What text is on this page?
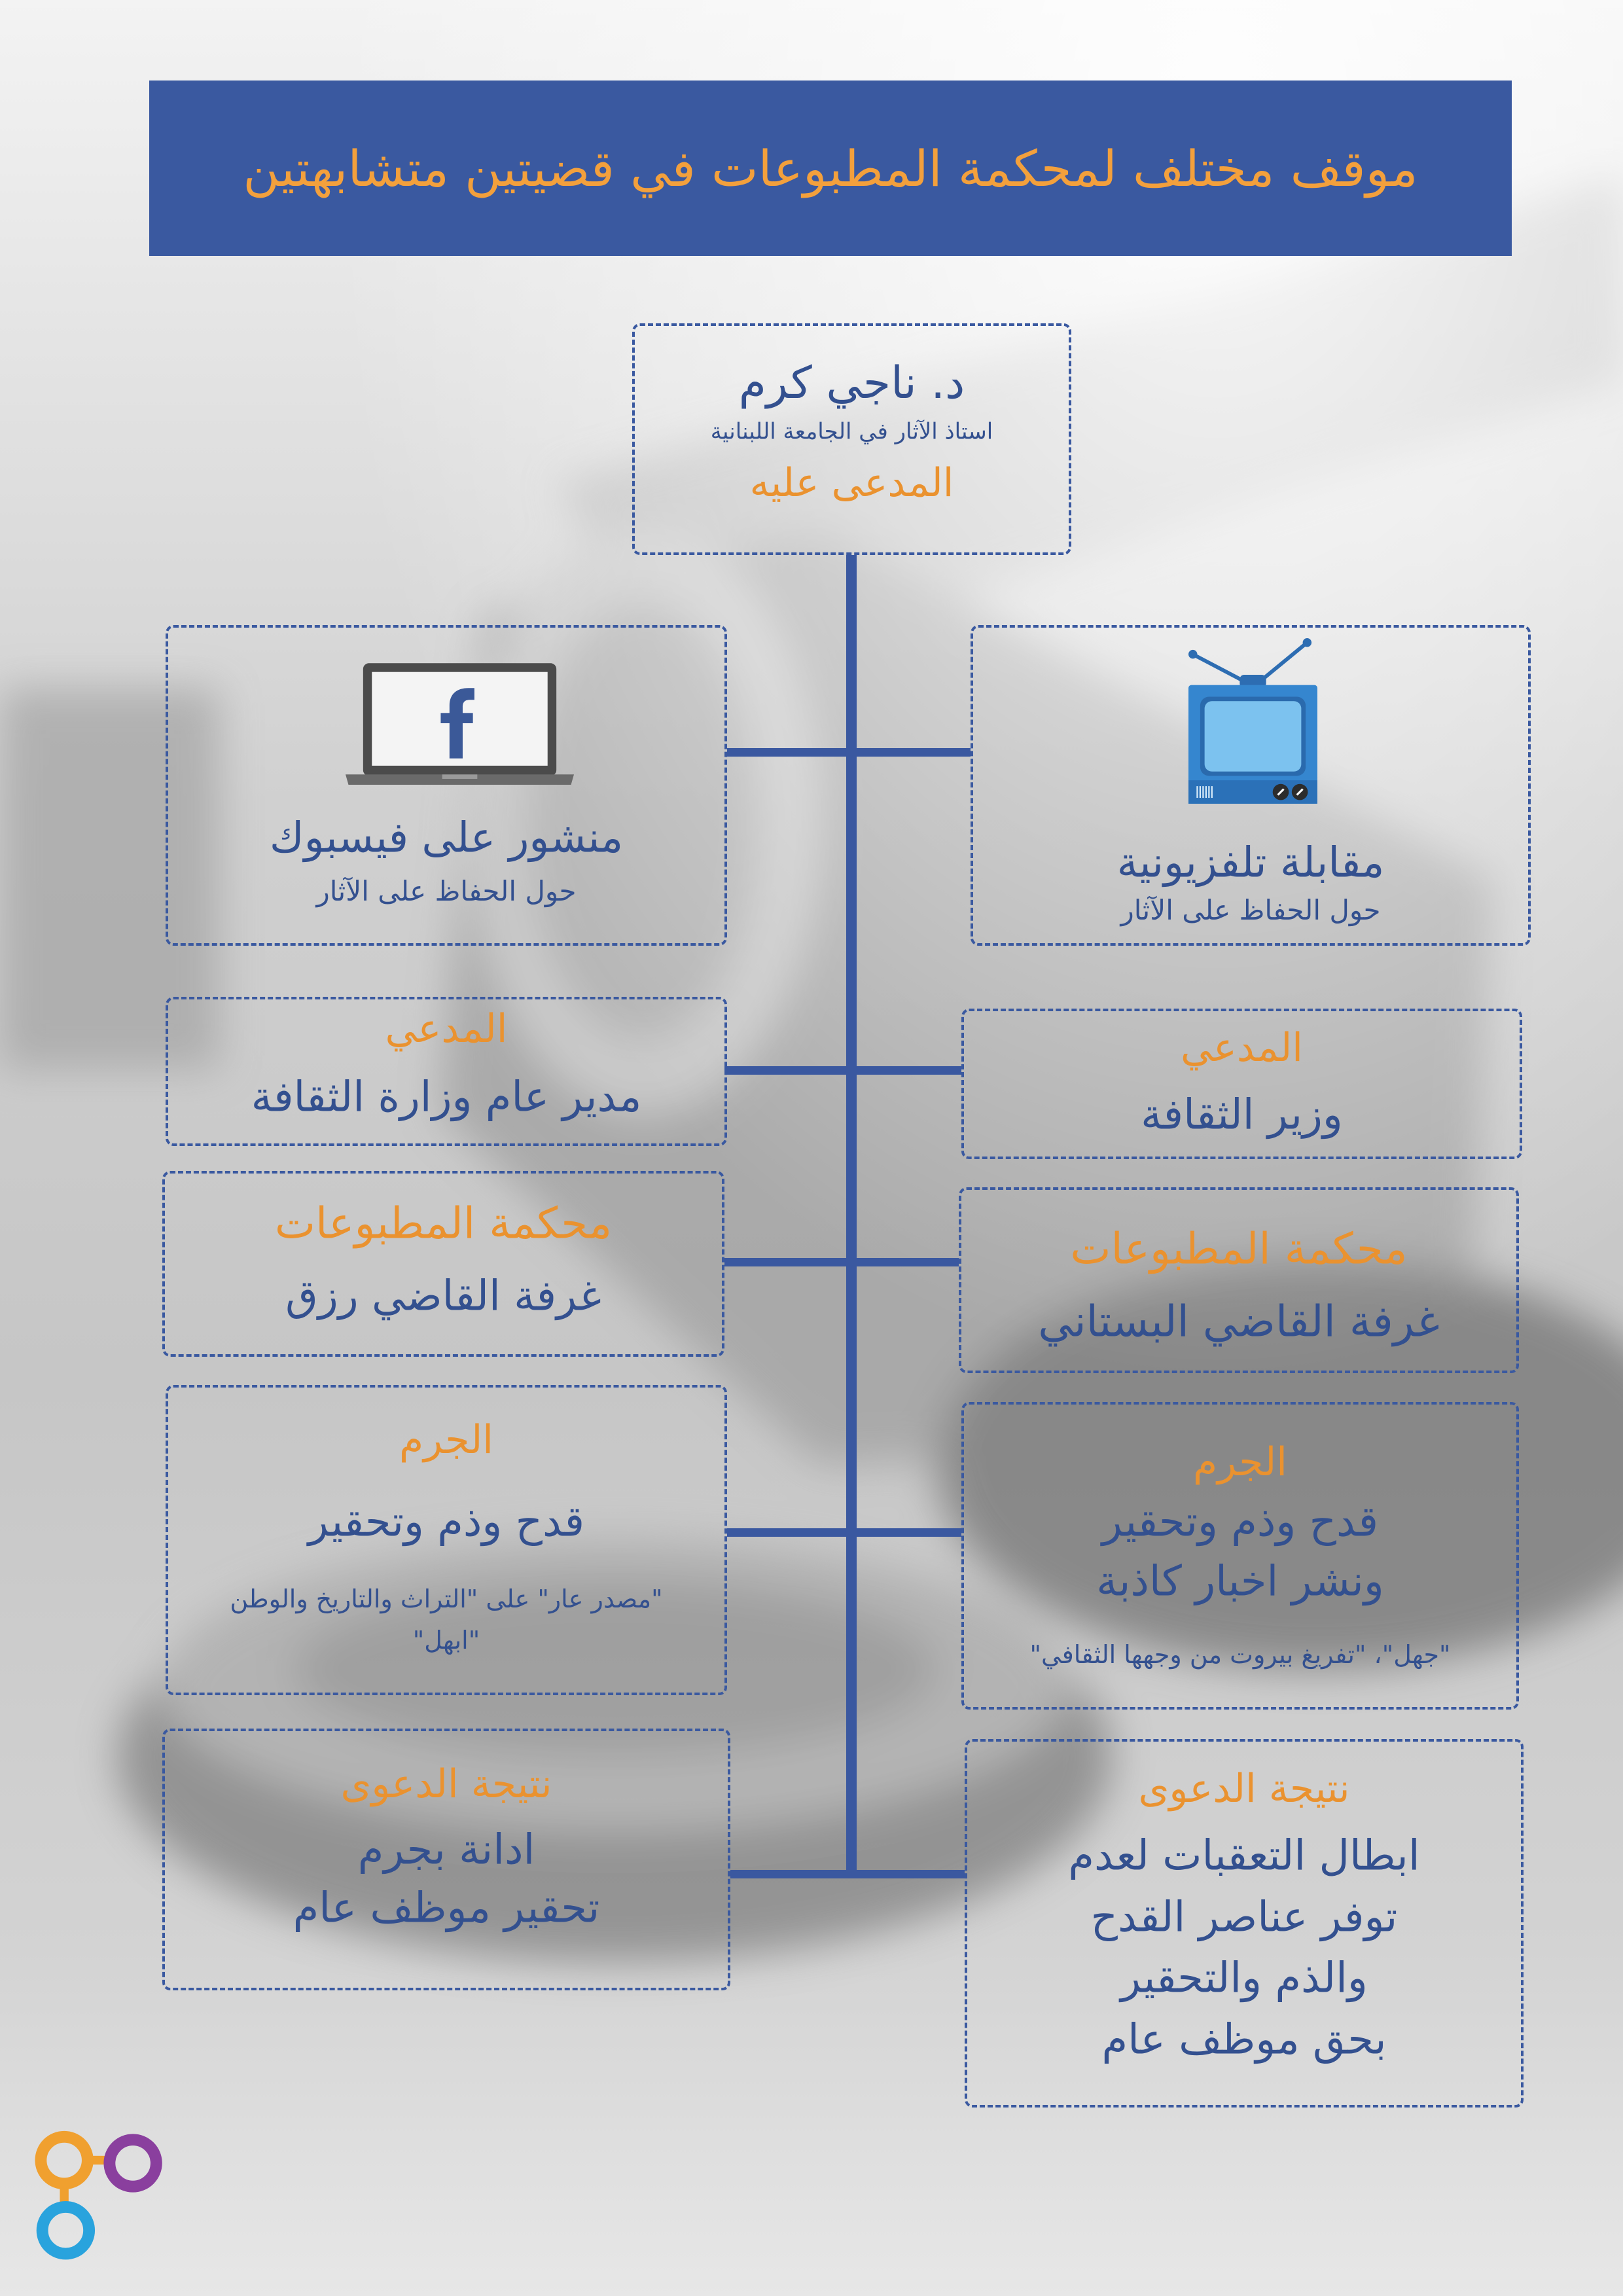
موقف مختلف لمحكمة المطبوعات في قضيتين متشابهتين
د. ناجي كرم
استاذ الآثار في الجامعة اللبنانية
المدعى عليه
مقابلة تلفزيونية
حول الحفاظ على الآثار
المدعي
وزير الثقافة
محكمة المطبوعات
غرفة القاضي البستاني
الجرم
قدح وذم وتحقير
ونشر اخبار كاذبة
"جهل"، "تفريغ بيروت من وجهها الثقافي"
نتيجة الدعوى
ابطال التعقبات لعدم
توفر عناصر القدح
والذم والتحقير
بحق موظف عام
منشور على فيسبوك
حول الحفاظ على الآثار
المدعي
مدير عام وزارة الثقافة
محكمة المطبوعات
غرفة القاضي رزق
الجرم
قدح وذم وتحقير
"مصدر عار" على "التراث والتاريخ والوطن
"ابهل"
نتيجة الدعوى
ادانة بجرم
تحقير موظف عام
